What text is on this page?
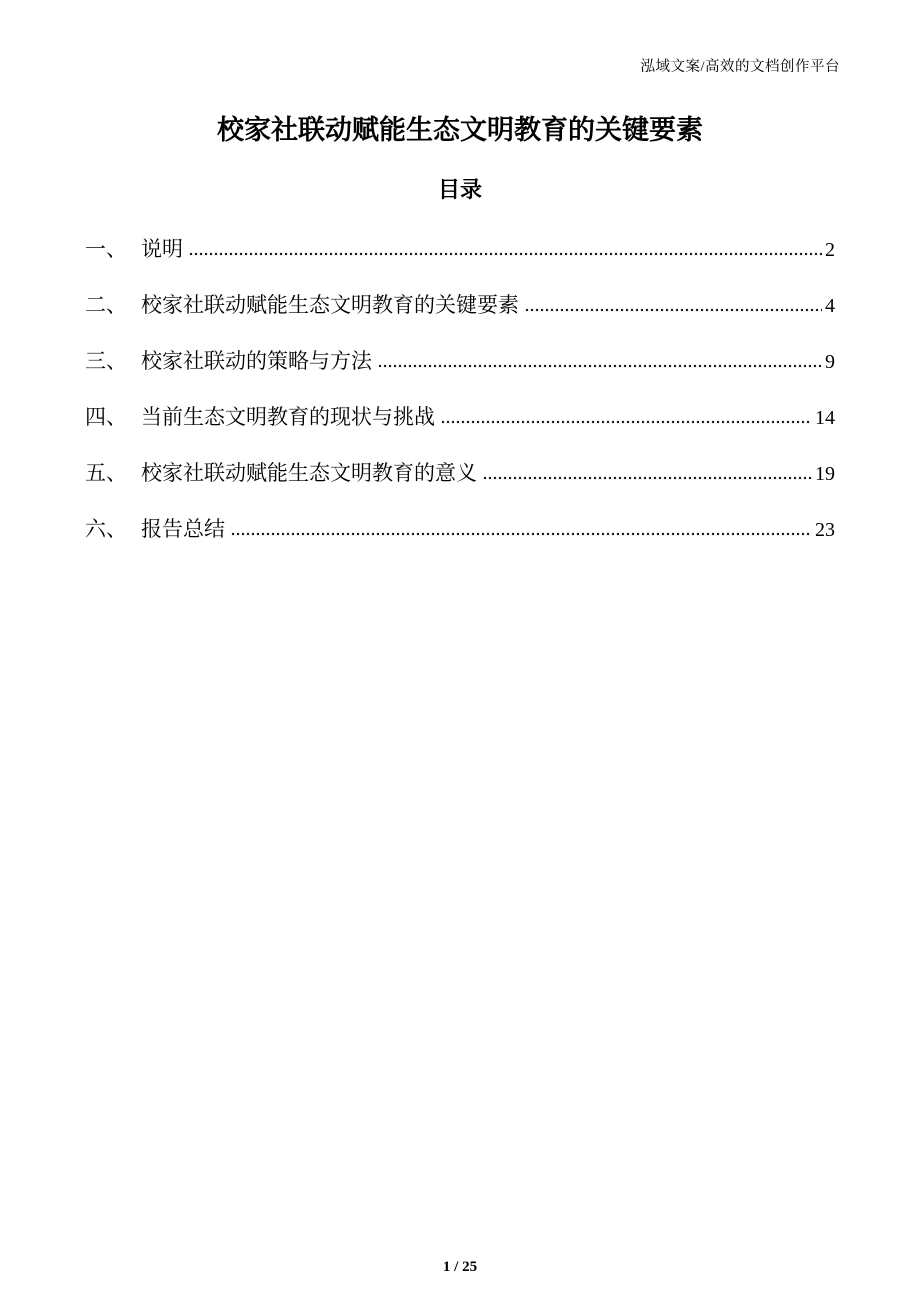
泓域文案/高效的文档创作平台
校家社联动赋能生态文明教育的关键要素
目录
一、 说明	2
二、 校家社联动赋能生态文明教育的关键要素	4
三、 校家社联动的策略与方法	9
四、 当前生态文明教育的现状与挑战	14
五、 校家社联动赋能生态文明教育的意义	19
六、 报告总结	23
1 / 25
